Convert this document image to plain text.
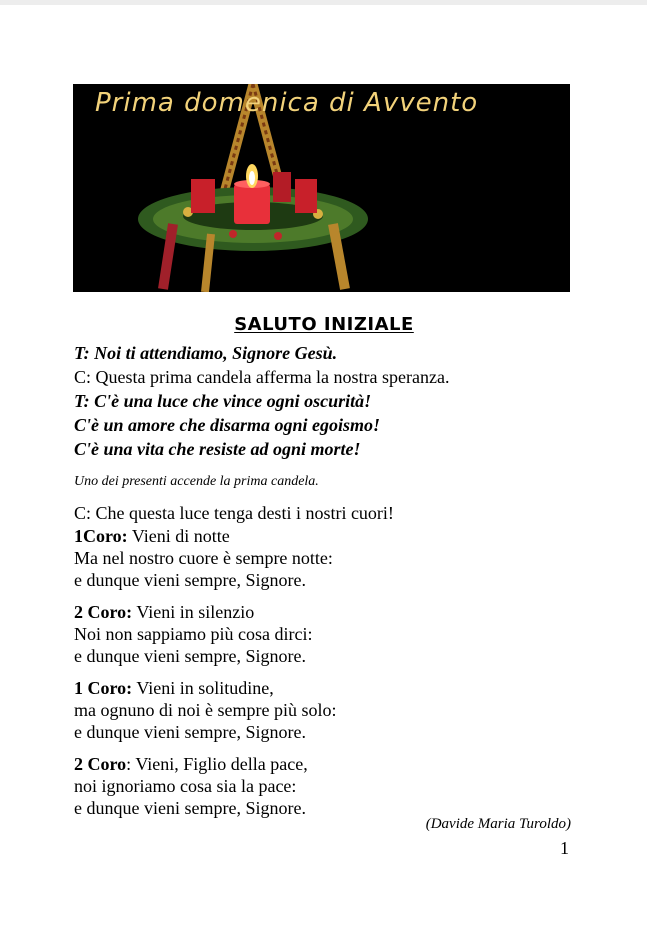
Prima domenica di Avvento
SALUTO INIZIALE
T: Noi ti attendiamo, Signore Gesù.
C: Questa prima candela afferma la nostra speranza.
T: C'è una luce che vince ogni oscurità!
C'è un amore che disarma ogni egoismo!
C'è una vita che resiste ad ogni morte!
Uno dei presenti accende la prima candela.
C: Che questa luce tenga desti i nostri cuori!
1Coro: Vieni di notte
Ma nel nostro cuore è sempre notte:
e dunque vieni sempre, Signore.
2 Coro: Vieni in silenzio
Noi non sappiamo più cosa dirci:
e dunque vieni sempre, Signore.
1 Coro: Vieni in solitudine,
ma ognuno di noi è sempre più solo:
e dunque vieni sempre, Signore.
2 Coro: Vieni, Figlio della pace,
noi ignoriamo cosa sia la pace:
e dunque vieni sempre, Signore.
(Davide Maria Turoldo)
1
